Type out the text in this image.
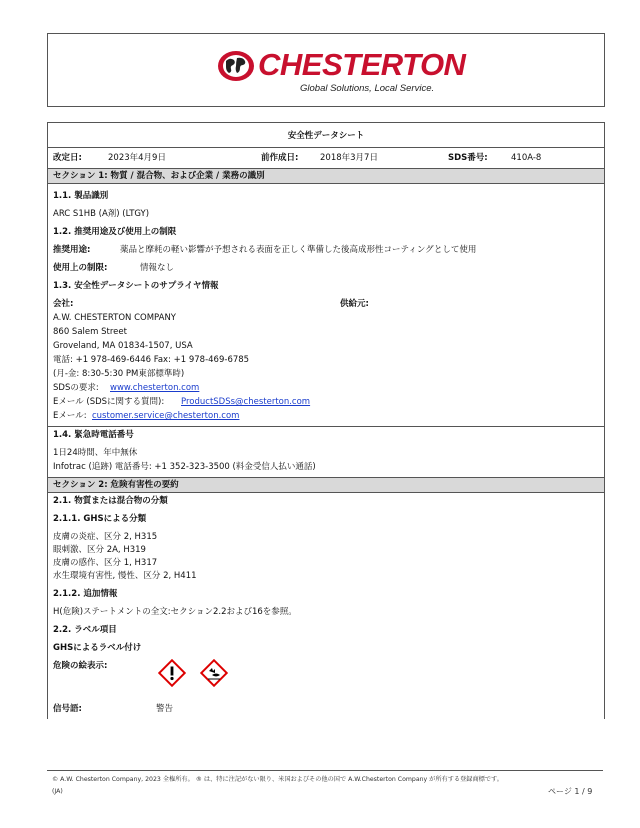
CHESTERTON
Global Solutions, Local Service.
安全性データシート
改定日:	2023年4月9日	前作成日:	2018年3月7日	SDS番号:	410A-8
セクション 1: 物質 / 混合物、および企業 / 業務の識別
1.1. 製品識別
ARC S1HB (A剤) (LTGY)
1.2. 推奨用途及び使用上の制限
推奨用途:	薬品と摩耗の軽い影響が予想される表面を正しく準備した後高成形性コーティングとして使用
使用上の制限:	情報なし
1.3. 安全性データシートのサプライヤ情報
会社:	供給元:
A.W. CHESTERTON COMPANY
860 Salem Street
Groveland, MA 01834-1507, USA
電話: +1 978-469-6446 Fax: +1 978-469-6785
(月-金: 8:30-5:30 PM東部標準時)
SDSの要求: www.chesterton.com
Eメール (SDSに関する質問): ProductSDSs@chesterton.com
Eメール: customer.service@chesterton.com
1.4. 緊急時電話番号
1日24時間、年中無休
Infotrac (追跡) 電話番号: +1 352-323-3500 (料金受信人払い通話)
セクション 2: 危険有害性の要約
2.1. 物質または混合物の分類
2.1.1. GHSによる分類
皮膚の炎症、区分 2, H315
眼刺激、区分 2A, H319
皮膚の感作、区分 1, H317
水生環境有害性, 慢性、区分 2, H411
2.1.2. 追加情報
H(危険)ステートメントの全文:セクション2.2および16を参照。
2.2. ラベル項目
GHSによるラベル付け
危険の絵表示:
信号語:	警告
© A.W. Chesterton Company, 2023 全権所有。 ® は、特に注記がない限り、米国およびその他の国で A.W.Chesterton Company が所有する登録商標です。
(JA)	ページ 1 / 9
